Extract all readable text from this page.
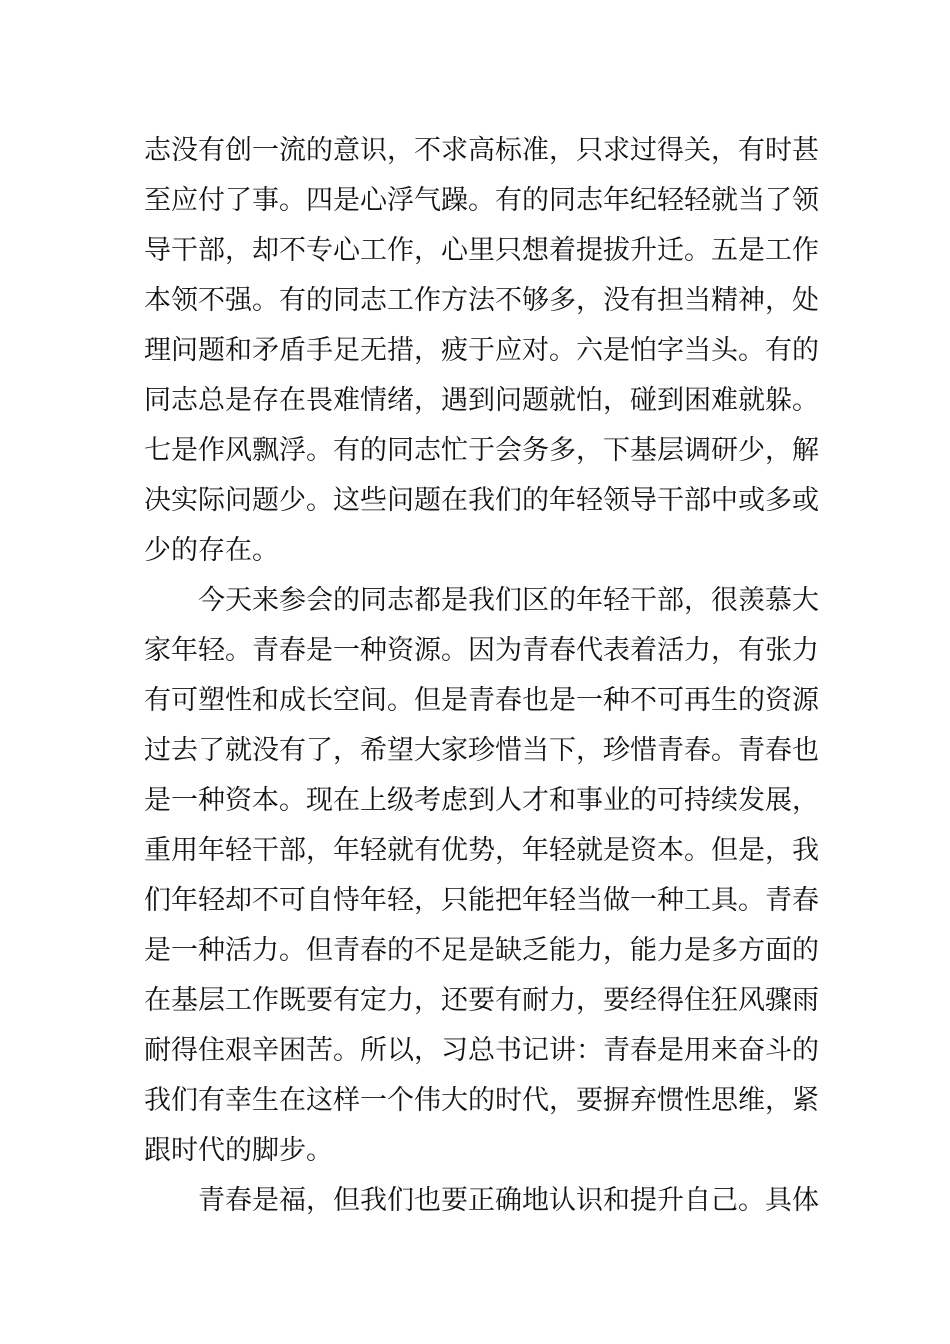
志没有创一流的意识，不求高标准，只求过得关，有时甚
至应付了事。四是心浮气躁。有的同志年纪轻轻就当了领
导干部，却不专心工作，心里只想着提拔升迁。五是工作
本领不强。有的同志工作方法不够多，没有担当精神，处
理问题和矛盾手足无措，疲于应对。六是怕字当头。有的
同志总是存在畏难情绪，遇到问题就怕，碰到困难就躲。
七是作风飘浮。有的同志忙于会务多，下基层调研少，解
决实际问题少。这些问题在我们的年轻领导干部中或多或
少的存在。
　　今天来参会的同志都是我们区的年轻干部，很羡慕大
家年轻。青春是一种资源。因为青春代表着活力，有张力
有可塑性和成长空间。但是青春也是一种不可再生的资源
过去了就没有了，希望大家珍惜当下，珍惜青春。青春也
是一种资本。现在上级考虑到人才和事业的可持续发展，
重用年轻干部，年轻就有优势，年轻就是资本。但是，我
们年轻却不可自恃年轻，只能把年轻当做一种工具。青春
是一种活力。但青春的不足是缺乏能力，能力是多方面的
在基层工作既要有定力，还要有耐力，要经得住狂风骤雨
耐得住艰辛困苦。所以，习总书记讲：青春是用来奋斗的
我们有幸生在这样一个伟大的时代，要摒弃惯性思维，紧
跟时代的脚步。
　　青春是福，但我们也要正确地认识和提升自己。具体
